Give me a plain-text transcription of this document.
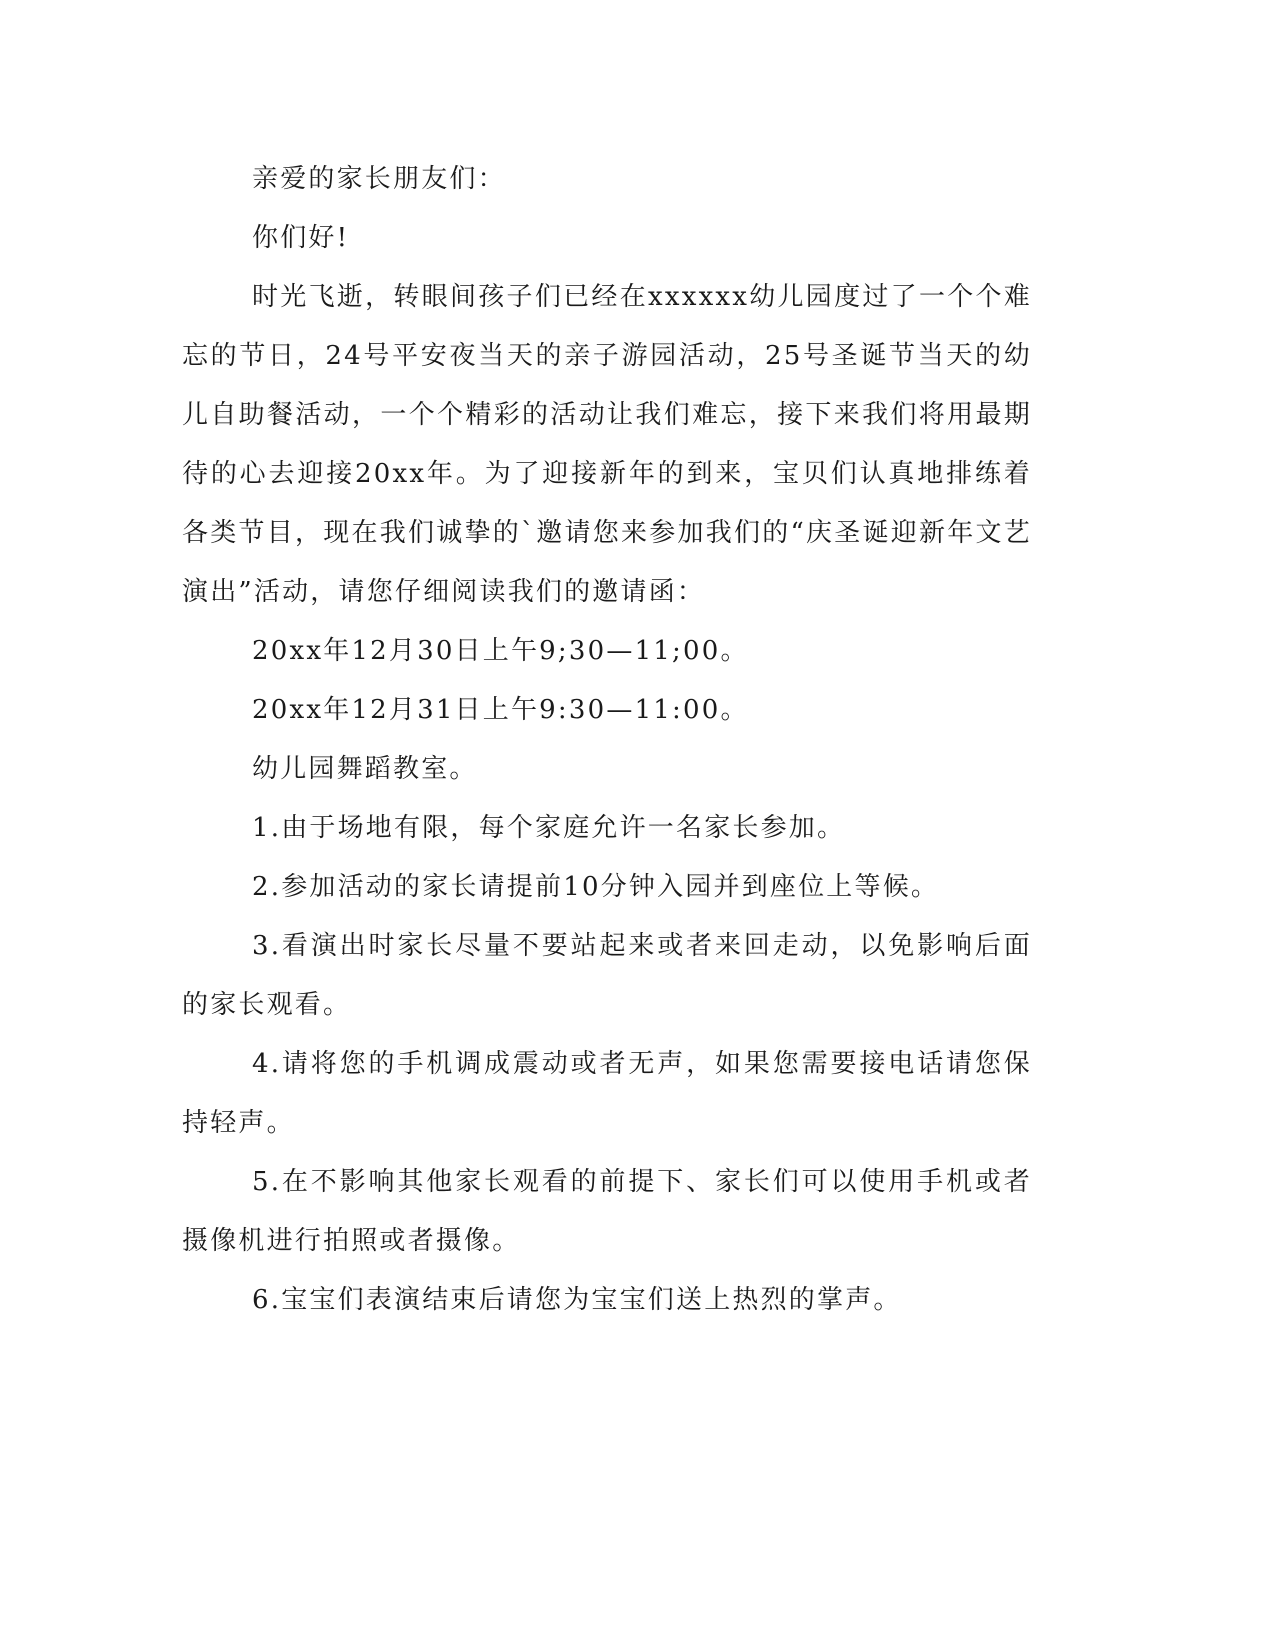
亲爱的家长朋友们：

你们好!

时光飞逝，转眼间孩子们已经在xxxxxx幼儿园度过了一个个难忘的节日，24号平安夜当天的亲子游园活动，25号圣诞节当天的幼儿自助餐活动，一个个精彩的活动让我们难忘，接下来我们将用最期待的心去迎接20xx年。为了迎接新年的到来，宝贝们认真地排练着各类节目，现在我们诚挚的`邀请您来参加我们的“庆圣诞迎新年文艺演出”活动，请您仔细阅读我们的邀请函：

20xx年12月30日上午9;30—11;00。

20xx年12月31日上午9:30—11:00。

幼儿园舞蹈教室。

1.由于场地有限，每个家庭允许一名家长参加。

2.参加活动的家长请提前10分钟入园并到座位上等候。

3.看演出时家长尽量不要站起来或者来回走动，以免影响后面的家长观看。

4.请将您的手机调成震动或者无声，如果您需要接电话请您保持轻声。

5.在不影响其他家长观看的前提下、家长们可以使用手机或者摄像机进行拍照或者摄像。

6.宝宝们表演结束后请您为宝宝们送上热烈的掌声。
